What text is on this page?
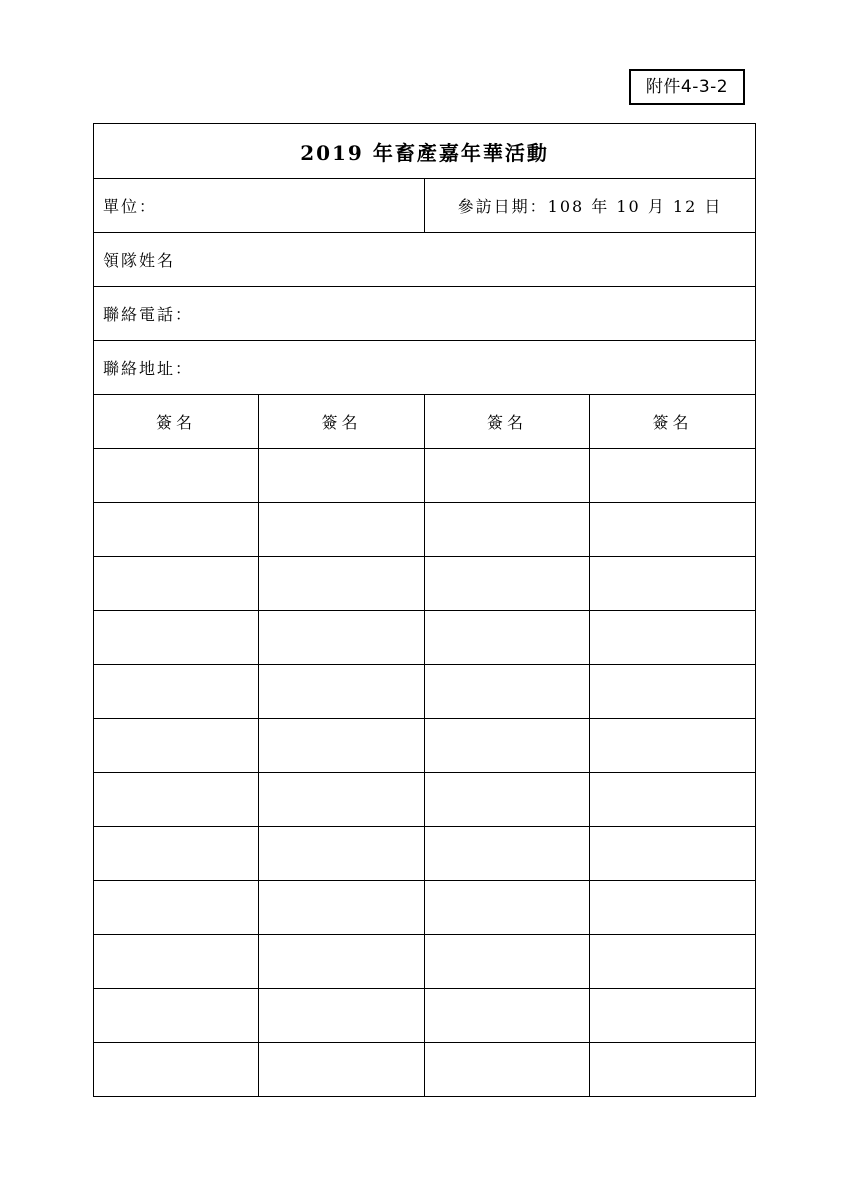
附件4-3-2
2019 年畜產嘉年華活動			
單位：		參訪日期：108 年 10 月 12 日	
領隊姓名			
聯絡電話：			
聯絡地址：			
簽名	簽名	簽名	簽名
